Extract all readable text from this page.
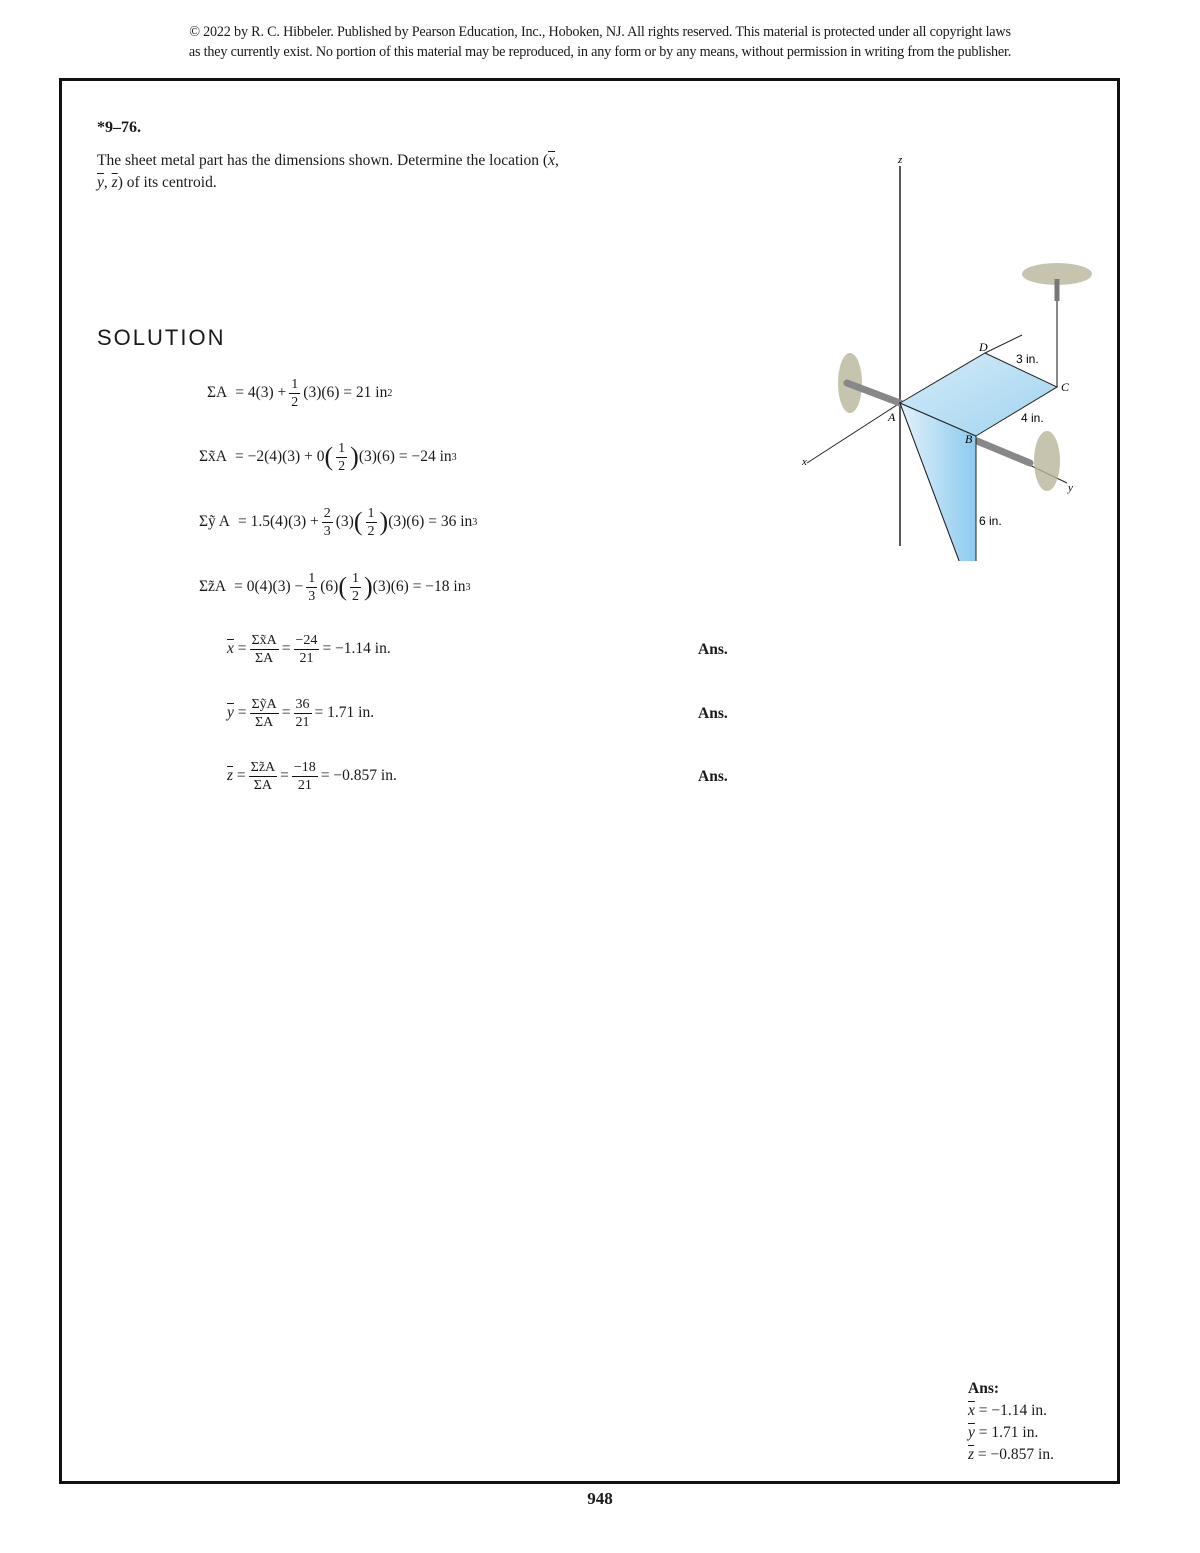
© 2022 by R. C. Hibbeler. Published by Pearson Education, Inc., Hoboken, NJ. All rights reserved. This material is protected under all copyright laws
as they currently exist. No portion of this material may be reproduced, in any form or by any means, without permission in writing from the publisher.
*9–76.
The sheet metal part has the dimensions shown. Determine the location ($\overline{x}$, $\overline{y}$, $\overline{z}$) of its centroid.
SOLUTION
$\Sigma A = 4(3) + \frac{1}{2} (3)(6) = 21$ in 2
Σx̃A = −2(4)(3) + 0 ( $\frac{1}{2}$ ) (3)(6) = −24 in 3
Σỹ $A = 1.5(4)(3) + \frac{2}{3} (3)$ ( $\frac{1}{2}$ ) (3)(6) = 36 in 3
Σz̃A = $0(4)(3) - \frac{1}{3} (6)$ ( $\frac{1}{2}$ ) (3)(6) = −18 in 3
$\overline{x} = \frac{\Sigma x̃A}{\Sigma A} = \frac{-24}{21} = -1.14$ in.	Ans.
$\overline{y} = \frac{\text{ΣỹA}}{\Sigma A} = \frac{36}{21} = 1.71$ in.	Ans.
$\overline{z} = \frac{\Sigma z̃A}{\Sigma A} = \frac{-18}{21} = -0.857$ in.	Ans.
z
x
y
A
B
C
D
3 in.
4 in.
6 in.
Ans:
$\overline{x} = -1.14$ in.
$\overline{y} = 1.71$ in.
$\overline{z} = -0.857$ in.
948
